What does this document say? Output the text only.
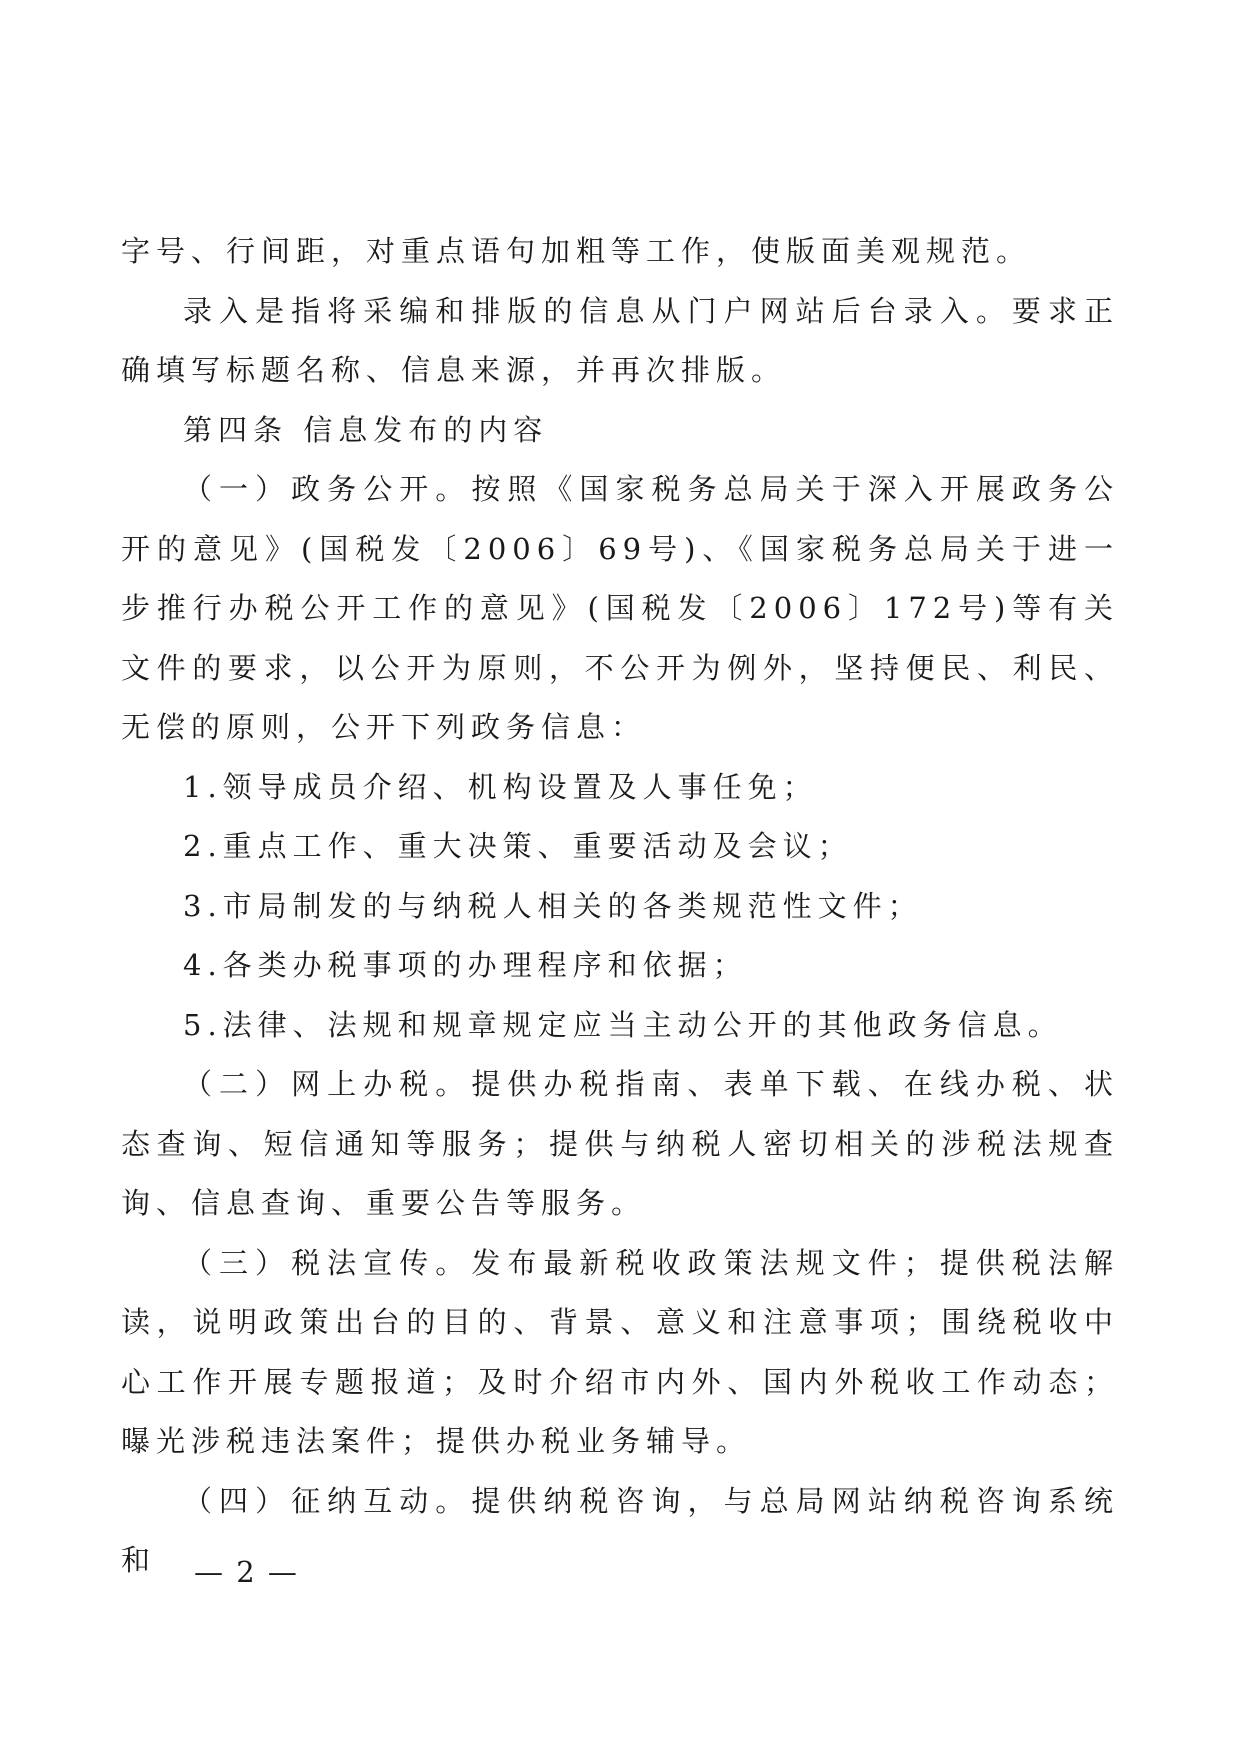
字号、行间距，对重点语句加粗等工作，使版面美观规范。

录入是指将采编和排版的信息从门户网站后台录入。要求正确填写标题名称、信息来源，并再次排版。

第四条 信息发布的内容

（一）政务公开。按照《国家税务总局关于深入开展政务公开的意见》(国税发〔2006〕69号)、《国家税务总局关于进一步推行办税公开工作的意见》(国税发〔2006〕172号)等有关文件的要求，以公开为原则，不公开为例外，坚持便民、利民、无偿的原则，公开下列政务信息：

1.领导成员介绍、机构设置及人事任免；

2.重点工作、重大决策、重要活动及会议；

3.市局制发的与纳税人相关的各类规范性文件；

4.各类办税事项的办理程序和依据；

5.法律、法规和规章规定应当主动公开的其他政务信息。

（二）网上办税。提供办税指南、表单下载、在线办税、状态查询、短信通知等服务；提供与纳税人密切相关的涉税法规查询、信息查询、重要公告等服务。

（三）税法宣传。发布最新税收政策法规文件；提供税法解读，说明政策出台的目的、背景、意义和注意事项；围绕税收中心工作开展专题报道；及时介绍市内外、国内外税收工作动态；曝光涉税违法案件；提供办税业务辅导。

（四）征纳互动。提供纳税咨询，与总局网站纳税咨询系统和	— 2 —
